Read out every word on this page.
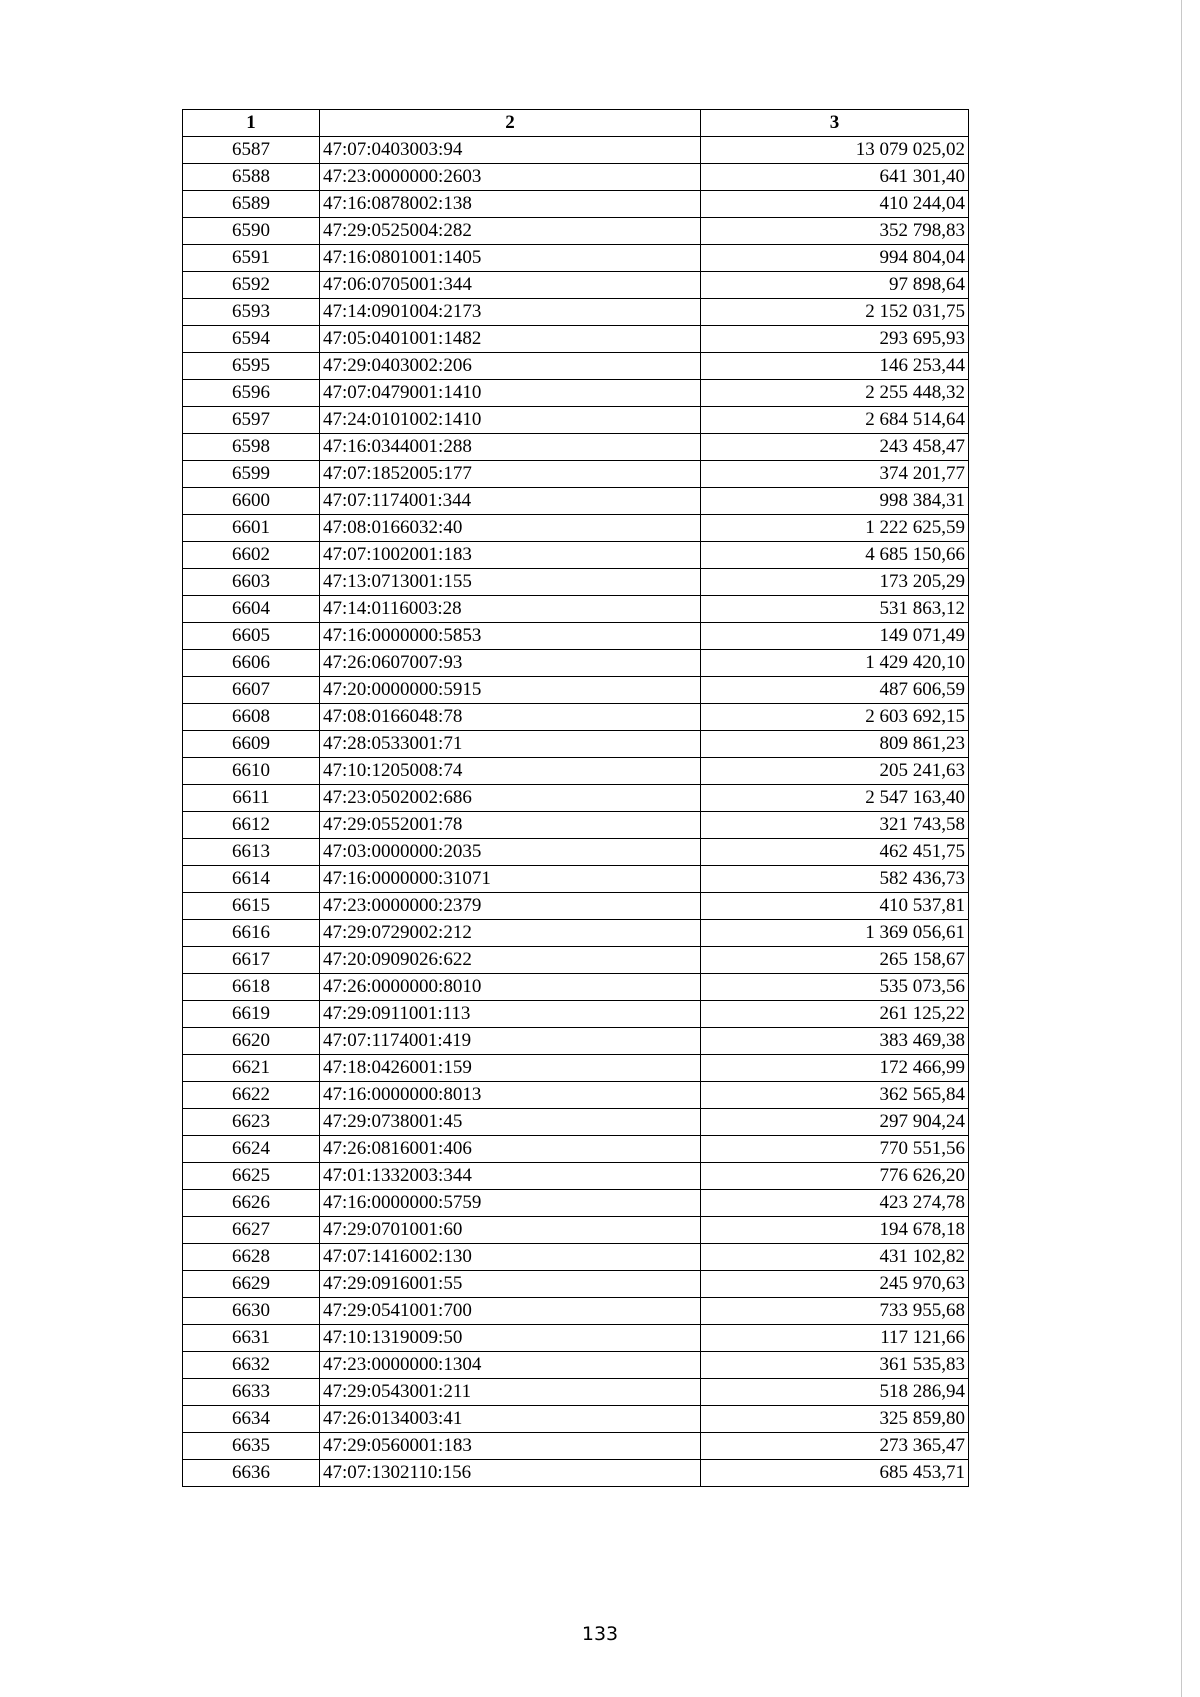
1	2	3
6587	47:07:0403003:94	13 079 025,02
6588	47:23:0000000:2603	641 301,40
6589	47:16:0878002:138	410 244,04
6590	47:29:0525004:282	352 798,83
6591	47:16:0801001:1405	994 804,04
6592	47:06:0705001:344	97 898,64
6593	47:14:0901004:2173	2 152 031,75
6594	47:05:0401001:1482	293 695,93
6595	47:29:0403002:206	146 253,44
6596	47:07:0479001:1410	2 255 448,32
6597	47:24:0101002:1410	2 684 514,64
6598	47:16:0344001:288	243 458,47
6599	47:07:1852005:177	374 201,77
6600	47:07:1174001:344	998 384,31
6601	47:08:0166032:40	1 222 625,59
6602	47:07:1002001:183	4 685 150,66
6603	47:13:0713001:155	173 205,29
6604	47:14:0116003:28	531 863,12
6605	47:16:0000000:5853	149 071,49
6606	47:26:0607007:93	1 429 420,10
6607	47:20:0000000:5915	487 606,59
6608	47:08:0166048:78	2 603 692,15
6609	47:28:0533001:71	809 861,23
6610	47:10:1205008:74	205 241,63
6611	47:23:0502002:686	2 547 163,40
6612	47:29:0552001:78	321 743,58
6613	47:03:0000000:2035	462 451,75
6614	47:16:0000000:31071	582 436,73
6615	47:23:0000000:2379	410 537,81
6616	47:29:0729002:212	1 369 056,61
6617	47:20:0909026:622	265 158,67
6618	47:26:0000000:8010	535 073,56
6619	47:29:0911001:113	261 125,22
6620	47:07:1174001:419	383 469,38
6621	47:18:0426001:159	172 466,99
6622	47:16:0000000:8013	362 565,84
6623	47:29:0738001:45	297 904,24
6624	47:26:0816001:406	770 551,56
6625	47:01:1332003:344	776 626,20
6626	47:16:0000000:5759	423 274,78
6627	47:29:0701001:60	194 678,18
6628	47:07:1416002:130	431 102,82
6629	47:29:0916001:55	245 970,63
6630	47:29:0541001:700	733 955,68
6631	47:10:1319009:50	117 121,66
6632	47:23:0000000:1304	361 535,83
6633	47:29:0543001:211	518 286,94
6634	47:26:0134003:41	325 859,80
6635	47:29:0560001:183	273 365,47
6636	47:07:1302110:156	685 453,71
133
